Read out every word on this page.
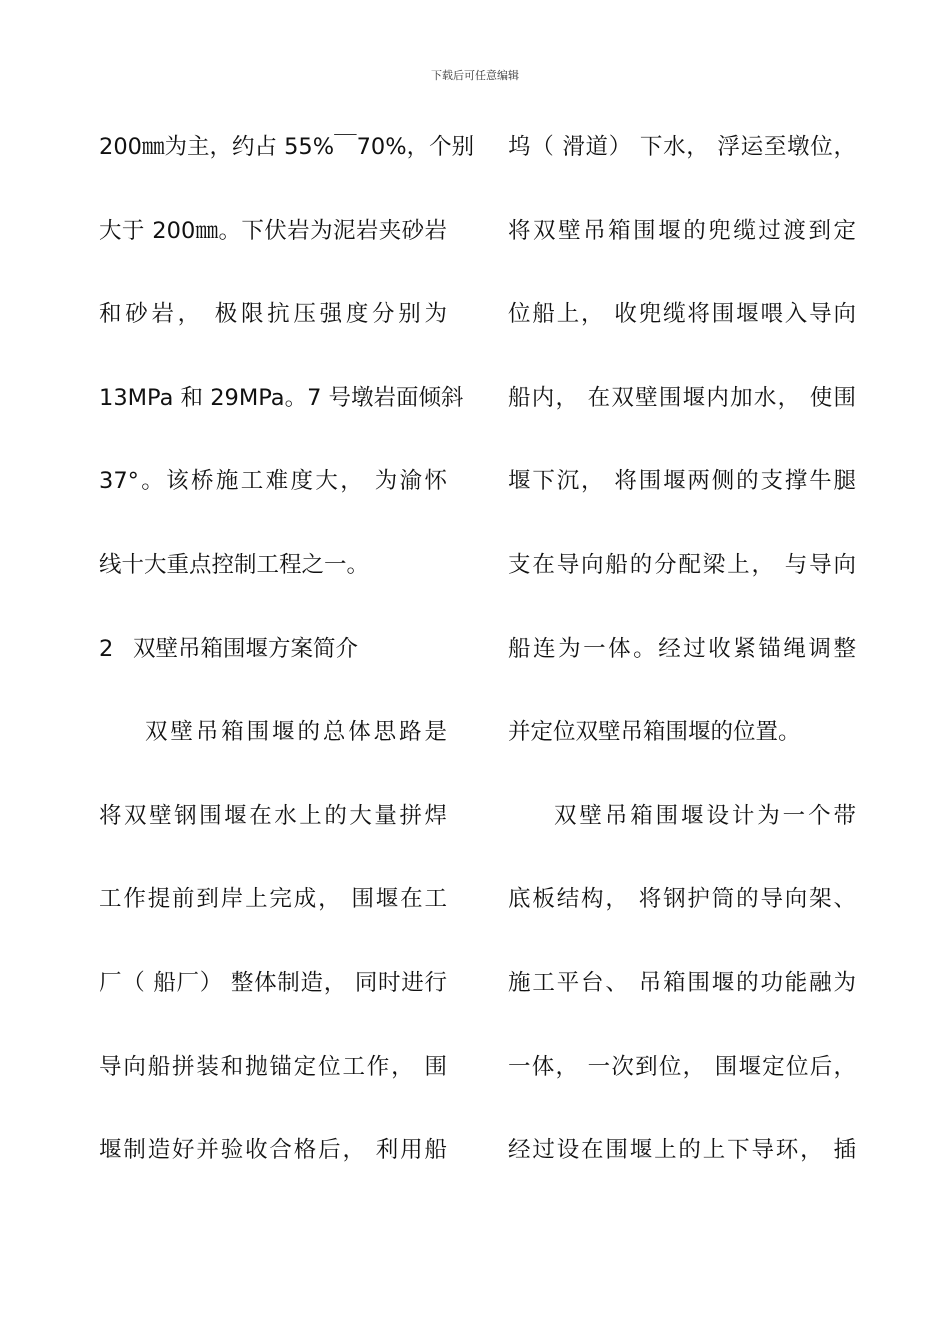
下载后可任意编辑
200㎜为主，约占 55%￣70%，个别
大于 200㎜。下伏岩为泥岩夹砂岩
和砂岩， 极限抗压强度分别为
13MPa 和 29MPa。7 号墩岩面倾斜
37°。该桥施工难度大， 为渝怀
线十大重点控制工程之一。
2 双壁吊箱围堰方案简介
双壁吊箱围堰的总体思路是
将双壁钢围堰在水上的大量拼焊
工作提前到岸上完成， 围堰在工
厂（ 船厂） 整体制造， 同时进行
导向船拼装和抛锚定位工作， 围
堰制造好并验收合格后， 利用船
坞（ 滑道） 下水， 浮运至墩位，
将双壁吊箱围堰的兜缆过渡到定
位船上， 收兜缆将围堰喂入导向
船内， 在双壁围堰内加水， 使围
堰下沉， 将围堰两侧的支撑牛腿
支在导向船的分配梁上， 与导向
船连为一体。经过收紧锚绳调整
并定位双壁吊箱围堰的位置。
双壁吊箱围堰设计为一个带
底板结构， 将钢护筒的导向架、
施工平台、 吊箱围堰的功能融为
一体， 一次到位， 围堰定位后，
经过设在围堰上的上下导环， 插
